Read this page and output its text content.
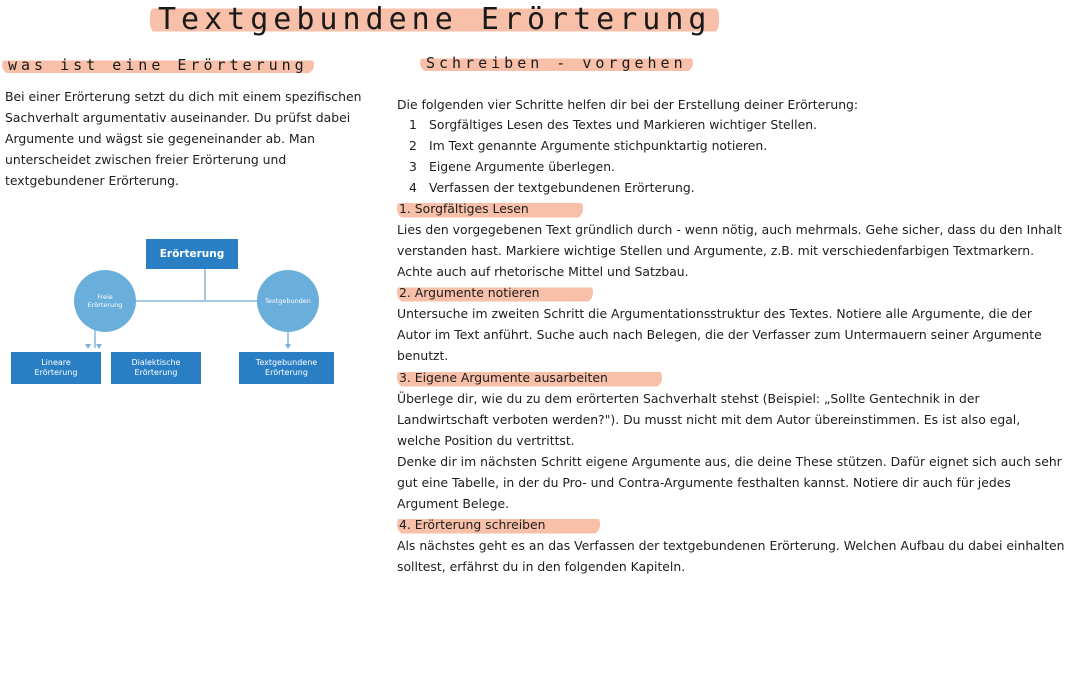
Textgebundene Erörterung
was ist eine Erörterung	Schreiben - vorgehen

Bei einer Erörterung setzt du dich mit einem spezifischen Sachverhalt argumentativ auseinander. Du prüfst dabei Argumente und wägst sie gegeneinander ab. Man unterscheidet zwischen freier Erörterung und textgebundener Erörterung.

Erörterung
Freie Erörterung	Textgebunden
Lineare Erörterung
Dialektische Erörterung
Textgebundene Erörterung

Die folgenden vier Schritte helfen dir bei der Erstellung deiner Erörterung:

1 Sorgfältiges Lesen des Textes und Markieren wichtiger Stellen.
2 Im Text genannte Argumente stichpunktartig notieren.
3 Eigene Argumente überlegen.
4 Verfassen der textgebundenen Erörterung.
1. Sorgfältiges Lesen

Lies den vorgegebenen Text gründlich durch - wenn nötig, auch mehrmals. Gehe sicher, dass du den Inhalt verstanden hast. Markiere wichtige Stellen und Argumente, z.B. mit verschiedenfarbigen Textmarkern. Achte auch auf rhetorische Mittel und Satzbau.

2. Argumente notieren

Untersuche im zweiten Schritt die Argumentationsstruktur des Textes. Notiere alle Argumente, die der Autor im Text anführt. Suche auch nach Belegen, die der Verfasser zum Untermauern seiner Argumente benutzt.

3. Eigene Argumente ausarbeiten

Überlege dir, wie du zu dem erörterten Sachverhalt stehst (Beispiel: „Sollte Gentechnik in der Landwirtschaft verboten werden?"). Du musst nicht mit dem Autor übereinstimmen. Es ist also egal, welche Position du vertrittst.

Denke dir im nächsten Schritt eigene Argumente aus, die deine These stützen. Dafür eignet sich auch sehr gut eine Tabelle, in der du Pro- und Contra-Argumente festhalten kannst. Notiere dir auch für jedes Argument Belege.

4. Erörterung schreiben

Als nächstes geht es an das Verfassen der textgebundenen Erörterung. Welchen Aufbau du dabei einhalten solltest, erfährst du in den folgenden Kapiteln.
